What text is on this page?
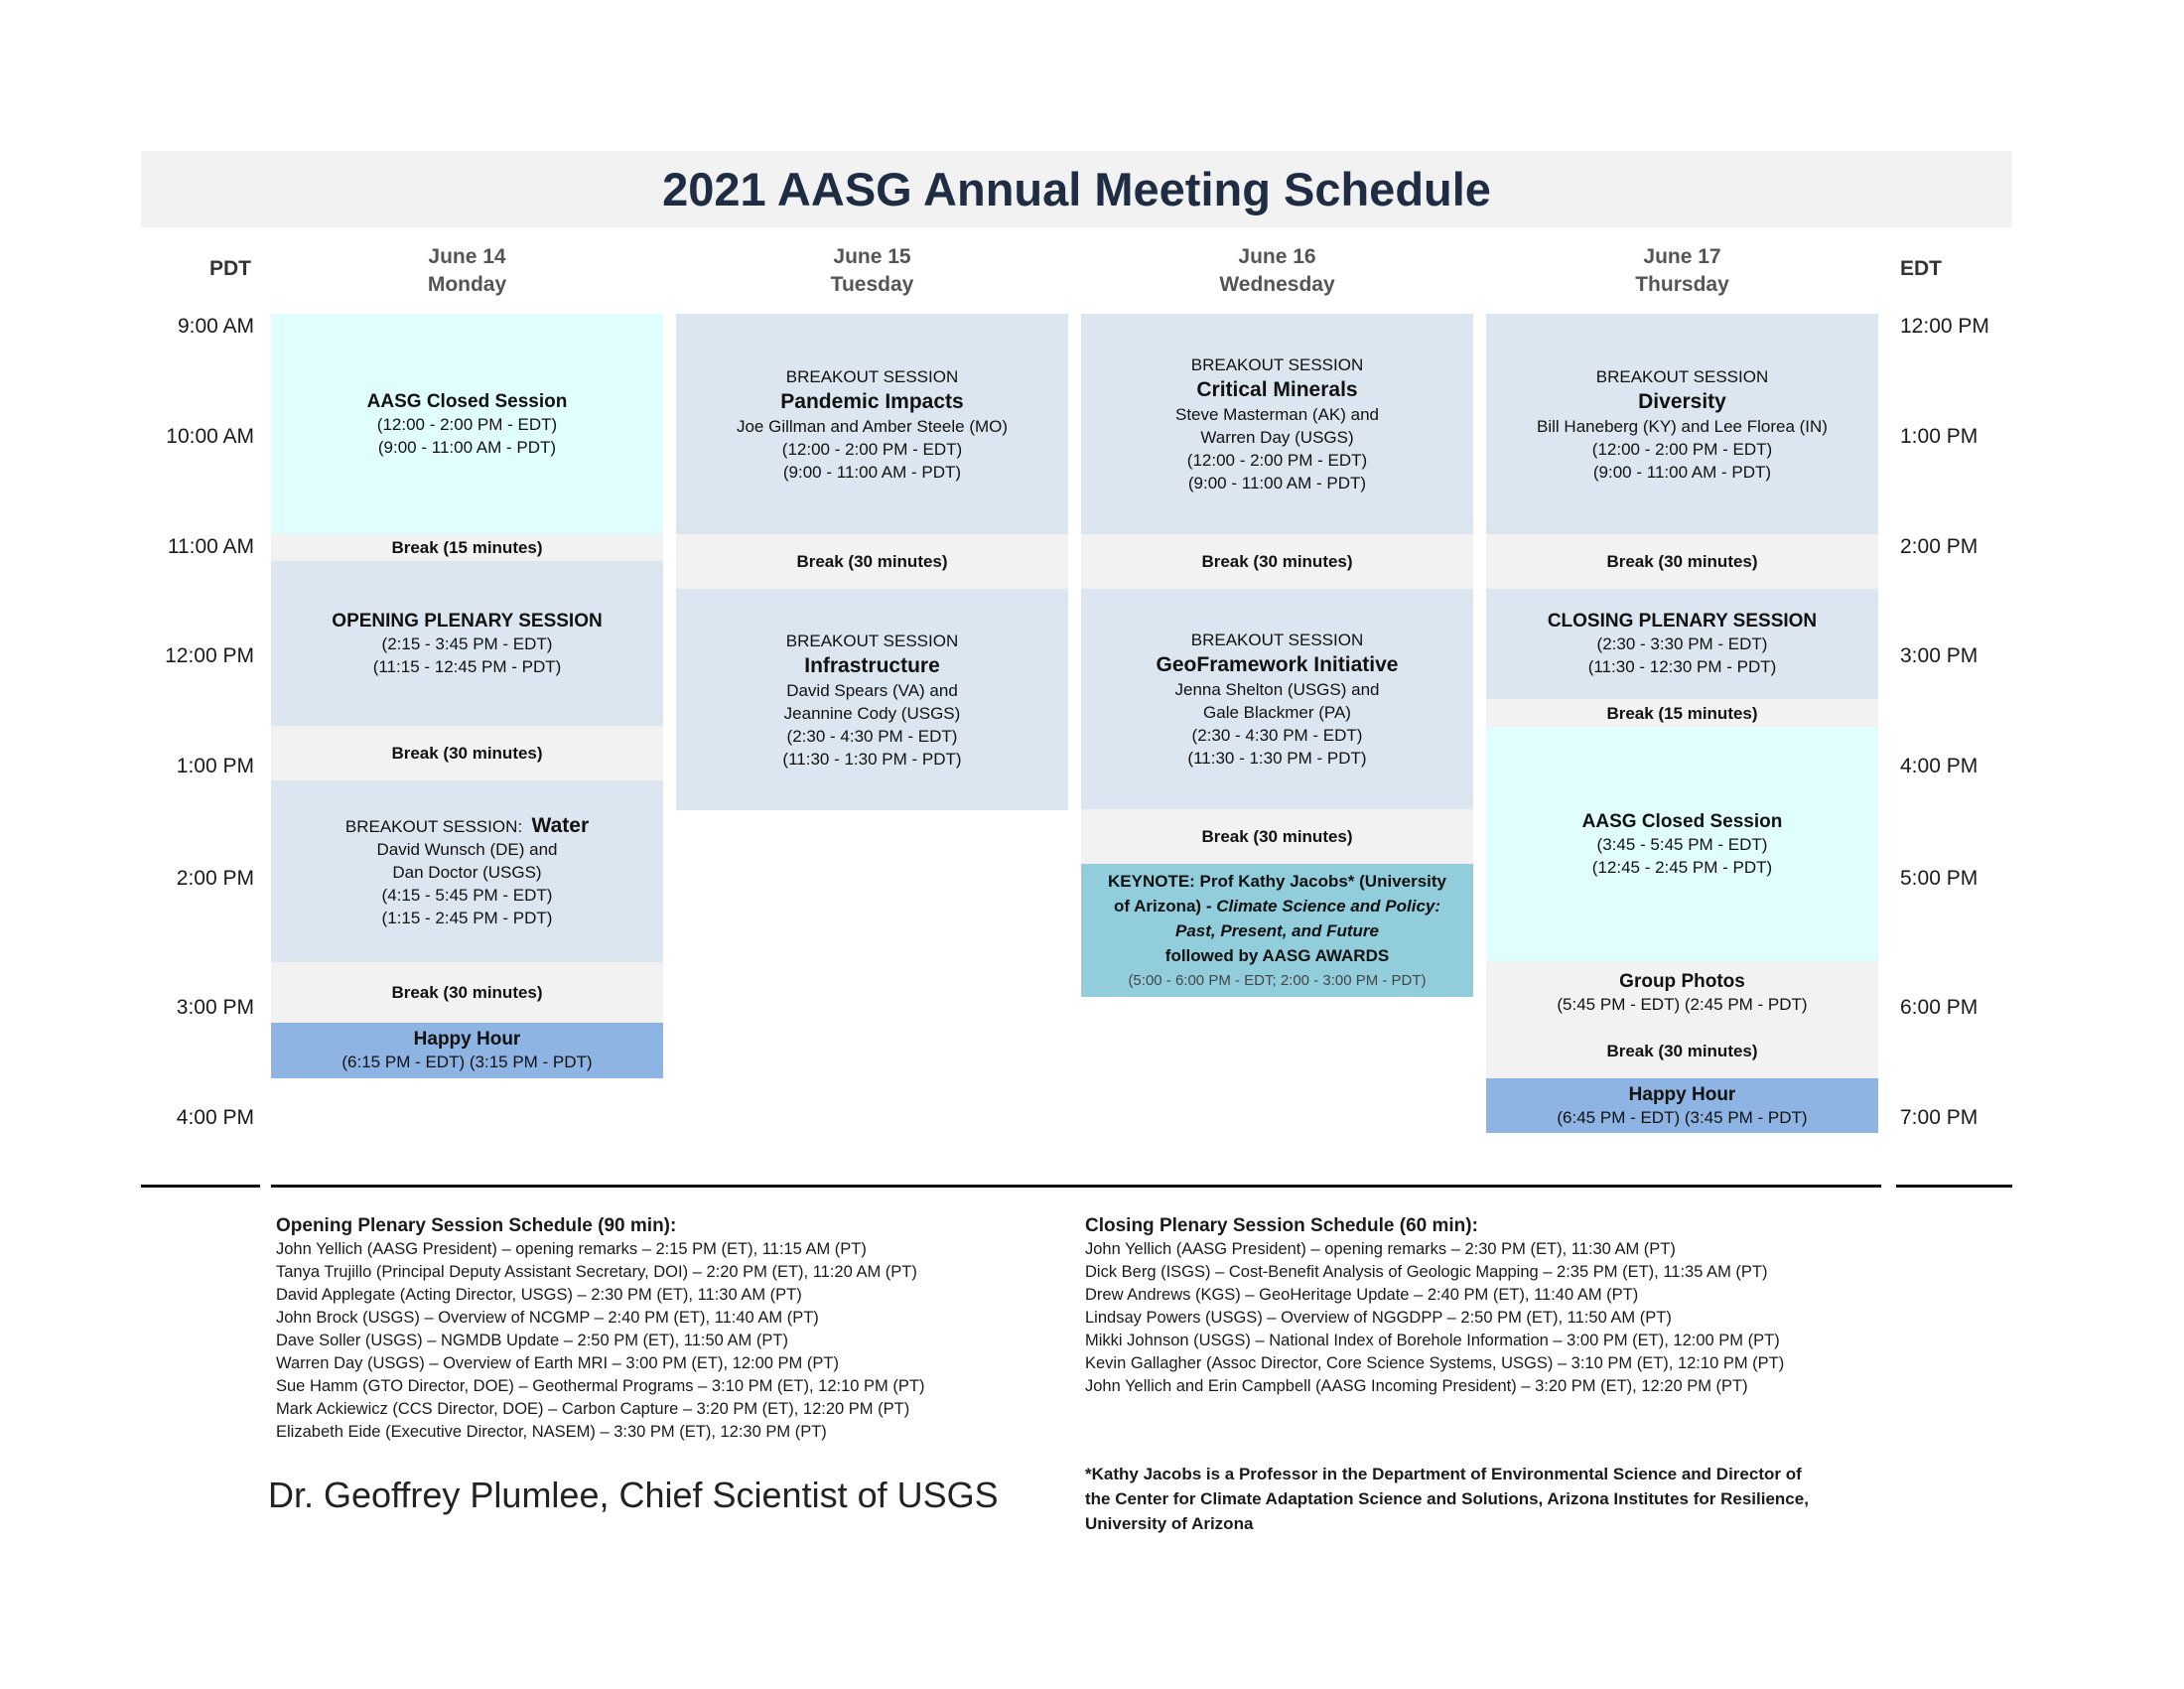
2021 AASG Annual Meeting Schedule
PDT	EDT
June 14
Monday
June 15
Tuesday
June 16
Wednesday
June 17
Thursday
9:00 AM
10:00 AM
11:00 AM
12:00 PM
1:00 PM
2:00 PM
3:00 PM
4:00 PM
12:00 PM
1:00 PM
2:00 PM
3:00 PM
4:00 PM
5:00 PM
6:00 PM
7:00 PM
AASG Closed Session
(12:00 - 2:00 PM - EDT)
(9:00 - 11:00 AM - PDT)
Break (15 minutes)
OPENING PLENARY SESSION
(2:15 - 3:45 PM - EDT)
(11:15 - 12:45 PM - PDT)
Break (30 minutes)
BREAKOUT SESSION: Water
David Wunsch (DE) and
Dan Doctor (USGS)
(4:15 - 5:45 PM - EDT)
(1:15 - 2:45 PM - PDT)
Break (30 minutes)
Happy Hour
(6:15 PM - EDT) (3:15 PM - PDT)
BREAKOUT SESSION
Pandemic Impacts
Joe Gillman and Amber Steele (MO)
(12:00 - 2:00 PM - EDT)
(9:00 - 11:00 AM - PDT)
Break (30 minutes)
BREAKOUT SESSION
Infrastructure
David Spears (VA) and
Jeannine Cody (USGS)
(2:30 - 4:30 PM - EDT)
(11:30 - 1:30 PM - PDT)
BREAKOUT SESSION
Critical Minerals
Steve Masterman (AK) and
Warren Day (USGS)
(12:00 - 2:00 PM - EDT)
(9:00 - 11:00 AM - PDT)
Break (30 minutes)
BREAKOUT SESSION
GeoFramework Initiative
Jenna Shelton (USGS) and
Gale Blackmer (PA)
(2:30 - 4:30 PM - EDT)
(11:30 - 1:30 PM - PDT)
Break (30 minutes)
KEYNOTE: Prof Kathy Jacobs* (University
of Arizona) - Climate Science and Policy:
Past, Present, and Future
followed by AASG AWARDS
(5:00 - 6:00 PM - EDT; 2:00 - 3:00 PM - PDT)
BREAKOUT SESSION
Diversity
Bill Haneberg (KY) and Lee Florea (IN)
(12:00 - 2:00 PM - EDT)
(9:00 - 11:00 AM - PDT)
Break (30 minutes)
CLOSING PLENARY SESSION
(2:30 - 3:30 PM - EDT)
(11:30 - 12:30 PM - PDT)
Break (15 minutes)
AASG Closed Session
(3:45 - 5:45 PM - EDT)
(12:45 - 2:45 PM - PDT)
Group Photos
(5:45 PM - EDT) (2:45 PM - PDT)
Break (30 minutes)
Happy Hour
(6:45 PM - EDT) (3:45 PM - PDT)
Opening Plenary Session Schedule (90 min):
John Yellich (AASG President) – opening remarks – 2:15 PM (ET), 11:15 AM (PT)
Tanya Trujillo (Principal Deputy Assistant Secretary, DOI) – 2:20 PM (ET), 11:20 AM (PT)
David Applegate (Acting Director, USGS) – 2:30 PM (ET), 11:30 AM (PT)
John Brock (USGS) – Overview of NCGMP – 2:40 PM (ET), 11:40 AM (PT)
Dave Soller (USGS) – NGMDB Update – 2:50 PM (ET), 11:50 AM (PT)
Warren Day (USGS) – Overview of Earth MRI – 3:00 PM (ET), 12:00 PM (PT)
Sue Hamm (GTO Director, DOE) – Geothermal Programs – 3:10 PM (ET), 12:10 PM (PT)
Mark Ackiewicz (CCS Director, DOE) – Carbon Capture – 3:20 PM (ET), 12:20 PM (PT)
Elizabeth Eide (Executive Director, NASEM) – 3:30 PM (ET), 12:30 PM (PT)
Closing Plenary Session Schedule (60 min):
John Yellich (AASG President) – opening remarks – 2:30 PM (ET), 11:30 AM (PT)
Dick Berg (ISGS) – Cost-Benefit Analysis of Geologic Mapping – 2:35 PM (ET), 11:35 AM (PT)
Drew Andrews (KGS) – GeoHeritage Update – 2:40 PM (ET), 11:40 AM (PT)
Lindsay Powers (USGS) – Overview of NGGDPP – 2:50 PM (ET), 11:50 AM (PT)
Mikki Johnson (USGS) – National Index of Borehole Information – 3:00 PM (ET), 12:00 PM (PT)
Kevin Gallagher (Assoc Director, Core Science Systems, USGS) – 3:10 PM (ET), 12:10 PM (PT)
John Yellich and Erin Campbell (AASG Incoming President) – 3:20 PM (ET), 12:20 PM (PT)
Dr. Geoffrey Plumlee, Chief Scientist of USGS
*Kathy Jacobs is a Professor in the Department of Environmental Science and Director of
the Center for Climate Adaptation Science and Solutions, Arizona Institutes for Resilience,
University of Arizona
